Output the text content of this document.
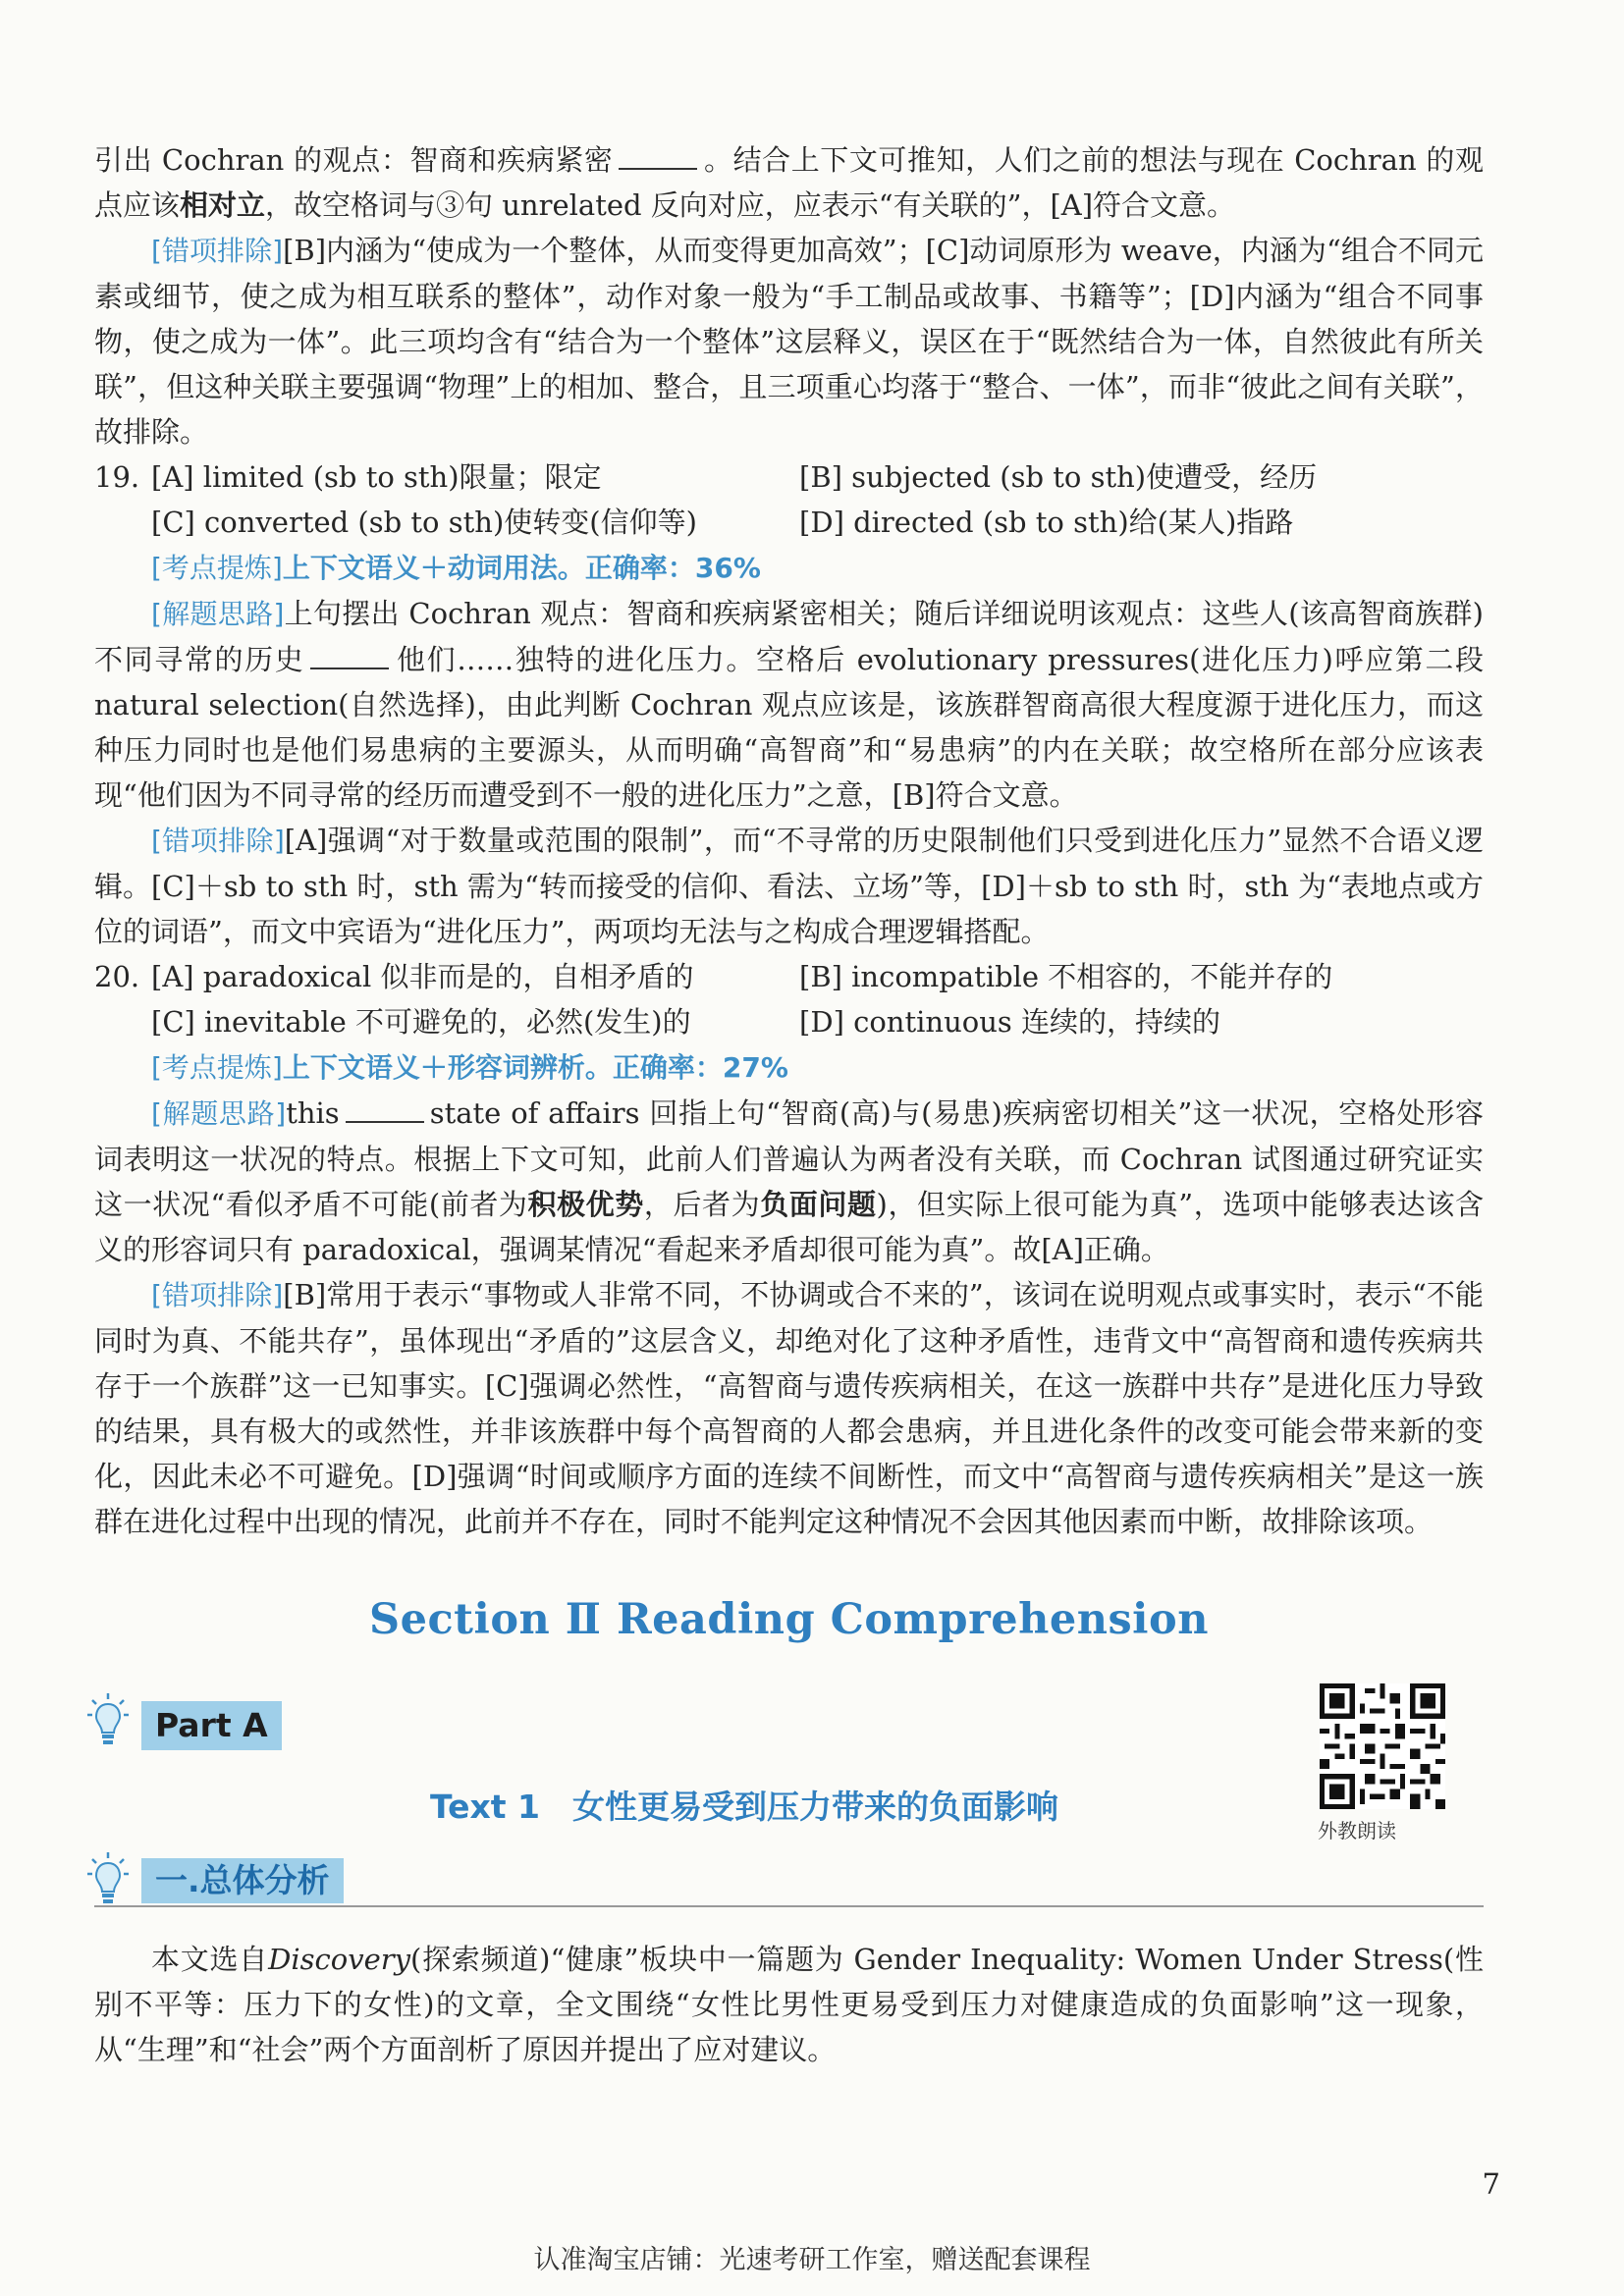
引出 Cochran 的观点：智商和疾病紧密	。结合上下文可推知，人们之前的想法与现在 Cochran 的观点应该相对立，故空格词与③句 unrelated 反向对应，应表示“有关联的”，[A]符合文意。

[错项排除][B]内涵为“使成为一个整体，从而变得更加高效”；[C]动词原形为 weave，内涵为“组合不同元素或细节，使之成为相互联系的整体”，动作对象一般为“手工制品或故事、书籍等”；[D]内涵为“组合不同事物，使之成为一体”。此三项均含有“结合为一个整体”这层释义，误区在于“既然结合为一体，自然彼此有所关联”，但这种关联主要强调“物理”上的相加、整合，且三项重心均落于“整合、一体”，而非“彼此之间有关联”，故排除。

19. [A] limited (sb to sth)限量；限定	[B] subjected (sb to sth)使遭受，经历
[C] converted (sb to sth)使转变(信仰等)	[D] directed (sb to sth)给(某人)指路

[考点提炼]上下文语义＋动词用法。正确率：36%

[解题思路]上句摆出 Cochran 观点：智商和疾病紧密相关；随后详细说明该观点：这些人(该高智商族群)不同寻常的历史	他们……独特的进化压力。空格后 evolutionary pressures(进化压力)呼应第二段 natural selection(自然选择)，由此判断 Cochran 观点应该是，该族群智商高很大程度源于进化压力，而这种压力同时也是他们易患病的主要源头，从而明确“高智商”和“易患病”的内在关联；故空格所在部分应该表现“他们因为不同寻常的经历而遭受到不一般的进化压力”之意，[B]符合文意。

[错项排除][A]强调“对于数量或范围的限制”，而“不寻常的历史限制他们只受到进化压力”显然不合语义逻辑。[C]＋sb to sth 时，sth 需为“转而接受的信仰、看法、立场”等，[D]＋sb to sth 时，sth 为“表地点或方位的词语”，而文中宾语为“进化压力”，两项均无法与之构成合理逻辑搭配。

20. [A] paradoxical 似非而是的，自相矛盾的	[B] incompatible 不相容的，不能并存的
[C] inevitable 不可避免的，必然(发生)的	[D] continuous 连续的，持续的

[考点提炼]上下文语义＋形容词辨析。正确率：27%

[解题思路]this	state of affairs 回指上句“智商(高)与(易患)疾病密切相关”这一状况，空格处形容词表明这一状况的特点。根据上下文可知，此前人们普遍认为两者没有关联，而 Cochran 试图通过研究证实这一状况“看似矛盾不可能(前者为积极优势，后者为负面问题)，但实际上很可能为真”，选项中能够表达该含义的形容词只有 paradoxical，强调某情况“看起来矛盾却很可能为真”。故[A]正确。

[错项排除][B]常用于表示“事物或人非常不同，不协调或合不来的”，该词在说明观点或事实时，表示“不能同时为真、不能共存”，虽体现出“矛盾的”这层含义，却绝对化了这种矛盾性，违背文中“高智商和遗传疾病共存于一个族群”这一已知事实。[C]强调必然性，“高智商与遗传疾病相关，在这一族群中共存”是进化压力导致的结果，具有极大的或然性，并非该族群中每个高智商的人都会患病，并且进化条件的改变可能会带来新的变化，因此未必不可避免。[D]强调“时间或顺序方面的连续不间断性，而文中“高智商与遗传疾病相关”是这一族群在进化过程中出现的情况，此前并不存在，同时不能判定这种情况不会因其他因素而中断，故排除该项。

Section Ⅱ Reading Comprehension
Part A
Text 1　女性更易受到压力带来的负面影响
外教朗读
一.总体分析

本文选自Discovery(探索频道)“健康”板块中一篇题为 Gender Inequality: Women Under Stress(性别不平等：压力下的女性)的文章，全文围绕“女性比男性更易受到压力对健康造成的负面影响”这一现象，从“生理”和“社会”两个方面剖析了原因并提出了应对建议。

7
认准淘宝店铺：光速考研工作室，赠送配套课程
